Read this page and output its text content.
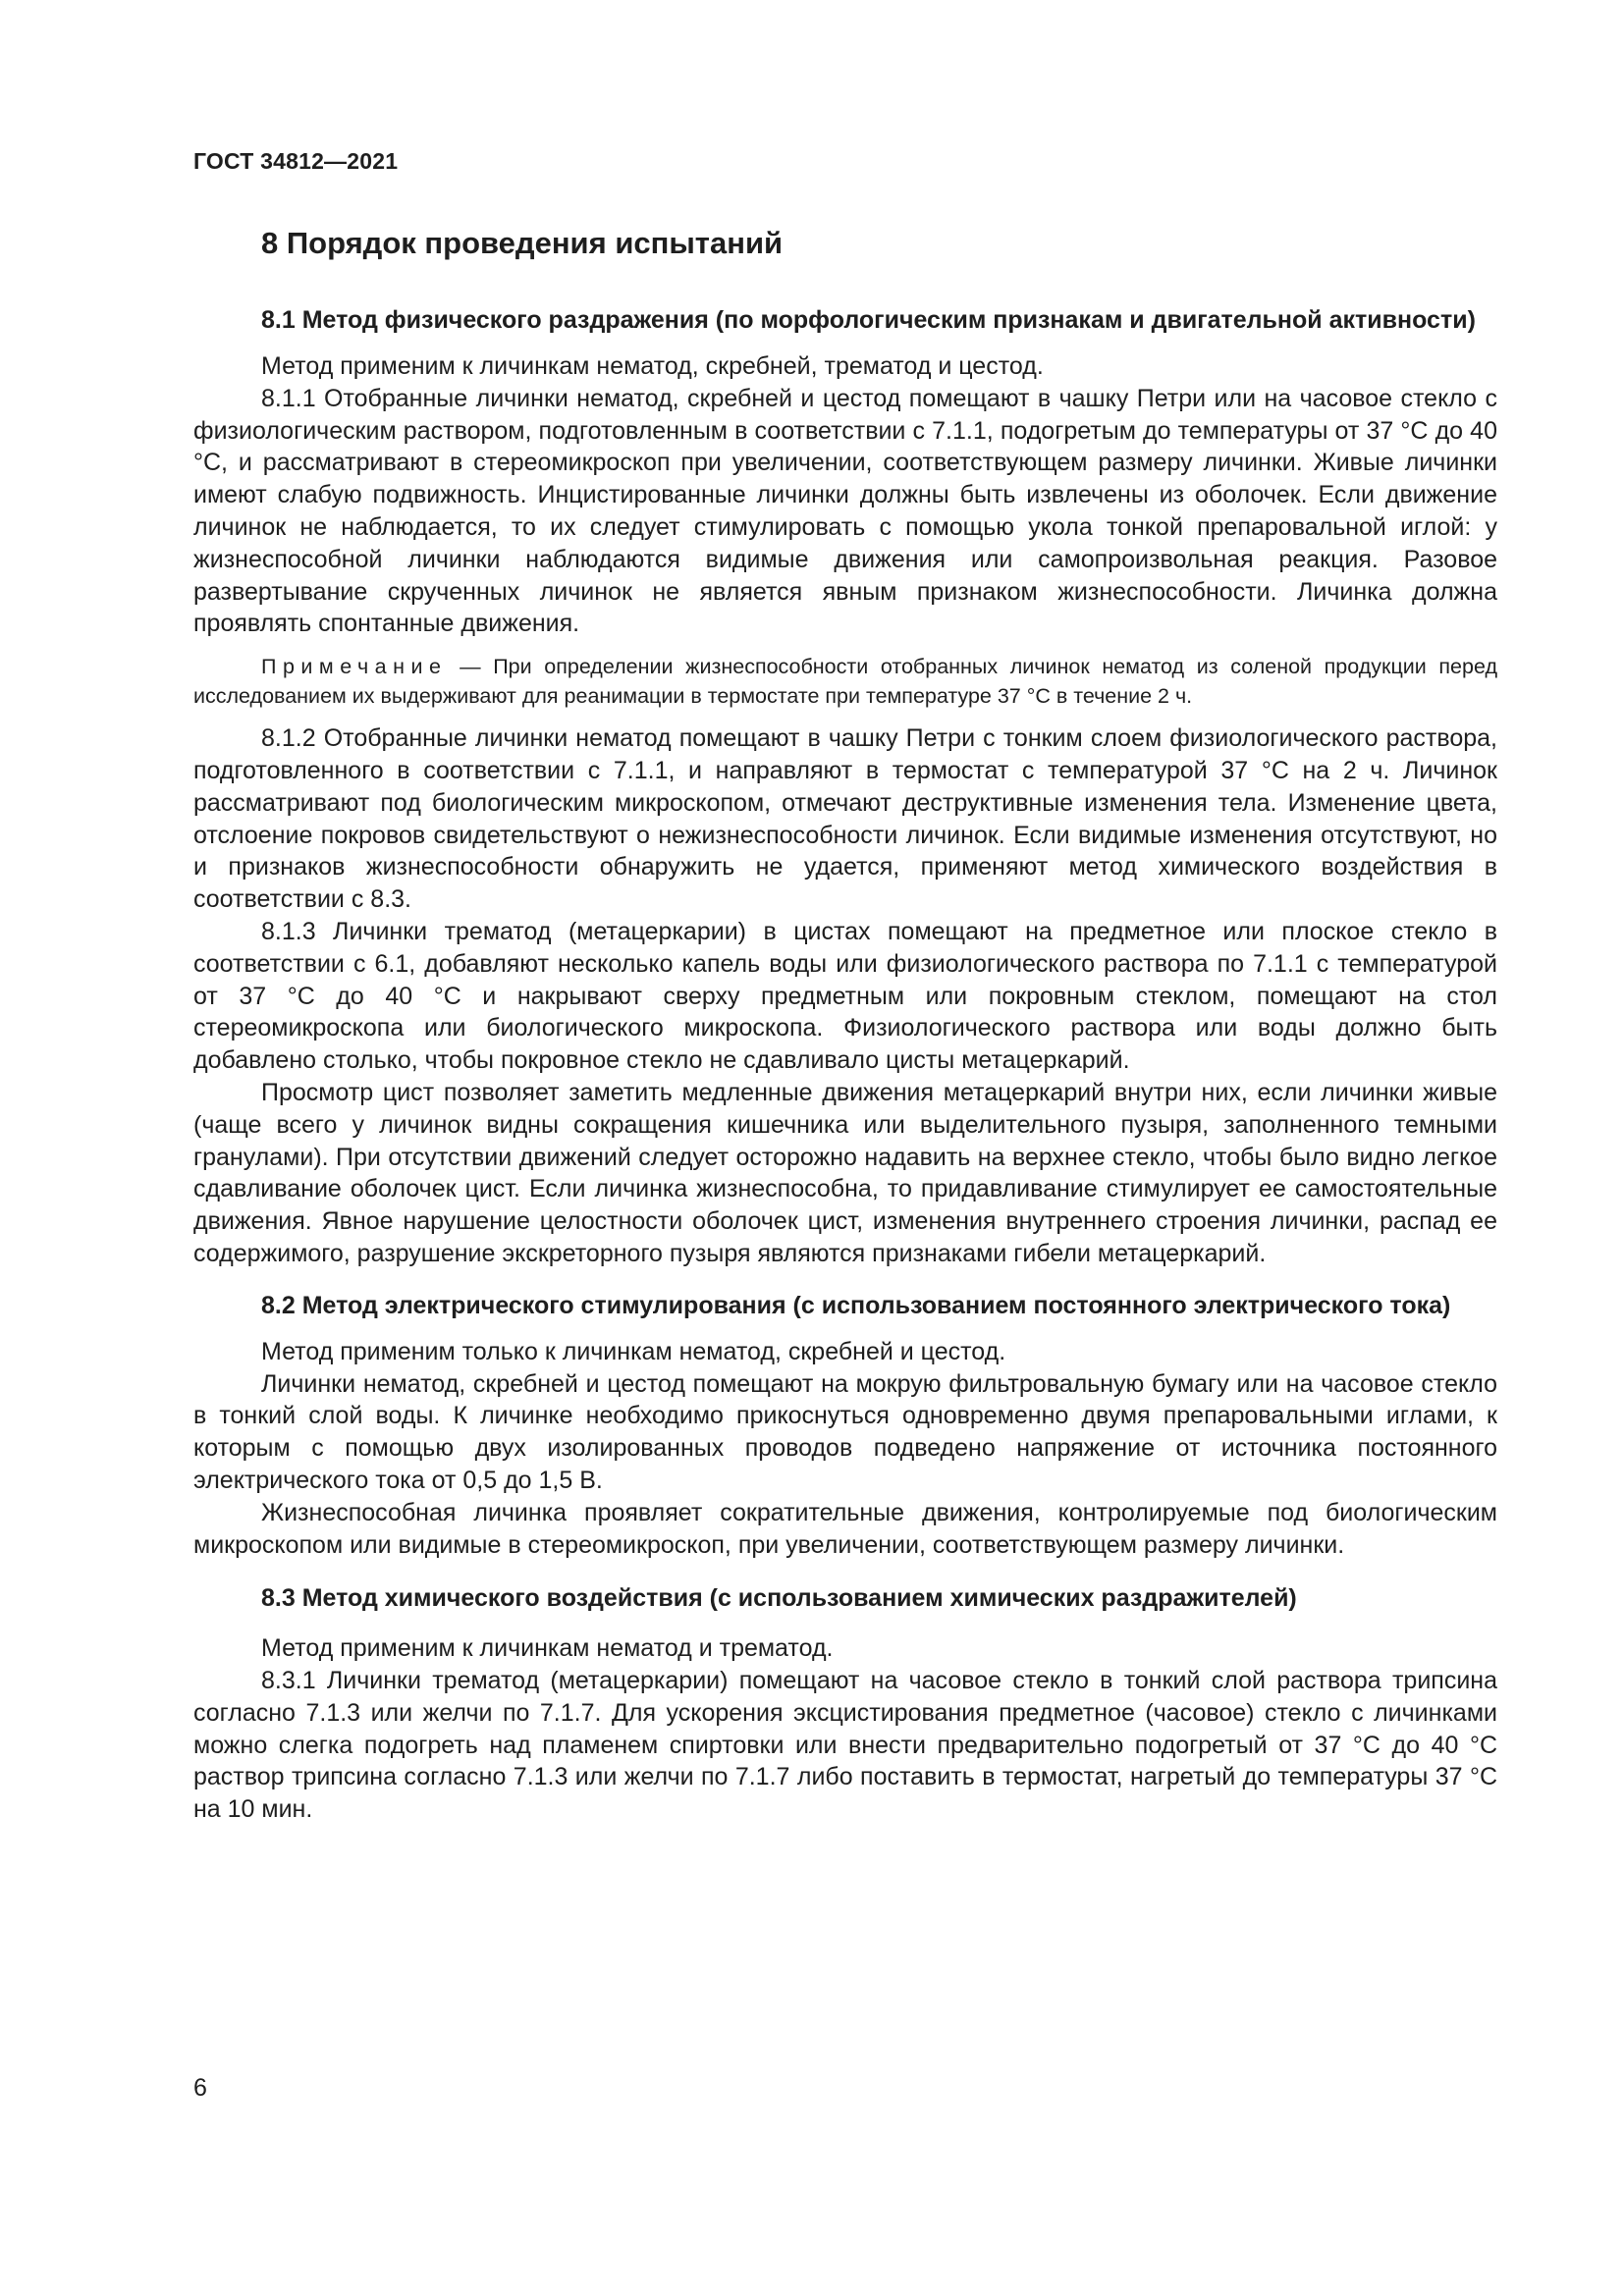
ГОСТ 34812—2021
8 Порядок проведения испытаний
8.1 Метод физического раздражения (по морфологическим признакам и двигательной активности)

Метод применим к личинкам нематод, скребней, трематод и цестод.

8.1.1 Отобранные личинки нематод, скребней и цестод помещают в чашку Петри или на часовое стекло с физиологическим раствором, подготовленным в соответствии с 7.1.1, подогретым до температуры от 37 °С до 40 °С, и рассматривают в стереомикроскоп при увеличении, соответствующем размеру личинки. Живые личинки имеют слабую подвижность. Инцистированные личинки должны быть извлечены из оболочек. Если движение личинок не наблюдается, то их следует стимулировать с помощью укола тонкой препаровальной иглой: у жизнеспособной личинки наблюдаются видимые движения или самопроизвольная реакция. Разовое развертывание скрученных личинок не является явным признаком жизнеспособности. Личинка должна проявлять спонтанные движения.

Примечание — При определении жизнеспособности отобранных личинок нематод из соленой продукции перед исследованием их выдерживают для реанимации в термостате при температуре 37 °С в течение 2 ч.

8.1.2 Отобранные личинки нематод помещают в чашку Петри с тонким слоем физиологического раствора, подготовленного в соответствии с 7.1.1, и направляют в термостат с температурой 37 °С на 2 ч. Личинок рассматривают под биологическим микроскопом, отмечают деструктивные изменения тела. Изменение цвета, отслоение покровов свидетельствуют о нежизнеспособности личинок. Если видимые изменения отсутствуют, но и признаков жизнеспособности обнаружить не удается, применяют метод химического воздействия в соответствии с 8.3.

8.1.3 Личинки трематод (метацеркарии) в цистах помещают на предметное или плоское стекло в соответствии с 6.1, добавляют несколько капель воды или физиологического раствора по 7.1.1 с температурой от 37 °С до 40 °С и накрывают сверху предметным или покровным стеклом, помещают на стол стереомикроскопа или биологического микроскопа. Физиологического раствора или воды должно быть добавлено столько, чтобы покровное стекло не сдавливало цисты метацеркарий.

Просмотр цист позволяет заметить медленные движения метацеркарий внутри них, если личинки живые (чаще всего у личинок видны сокращения кишечника или выделительного пузыря, заполненного темными гранулами). При отсутствии движений следует осторожно надавить на верхнее стекло, чтобы было видно легкое сдавливание оболочек цист. Если личинка жизнеспособна, то придавливание стимулирует ее самостоятельные движения. Явное нарушение целостности оболочек цист, изменения внутреннего строения личинки, распад ее содержимого, разрушение экскреторного пузыря являются признаками гибели метацеркарий.

8.2 Метод электрического стимулирования (с использованием постоянного электрического тока)

Метод применим только к личинкам нематод, скребней и цестод.

Личинки нематод, скребней и цестод помещают на мокрую фильтровальную бумагу или на часовое стекло в тонкий слой воды. К личинке необходимо прикоснуться одновременно двумя препаровальными иглами, к которым с помощью двух изолированных проводов подведено напряжение от источника постоянного электрического тока от 0,5 до 1,5 В.

Жизнеспособная личинка проявляет сократительные движения, контролируемые под биологическим микроскопом или видимые в стереомикроскоп, при увеличении, соответствующем размеру личинки.

8.3 Метод химического воздействия (с использованием химических раздражителей)

Метод применим к личинкам нематод и трематод.

8.3.1 Личинки трематод (метацеркарии) помещают на часовое стекло в тонкий слой раствора трипсина согласно 7.1.3 или желчи по 7.1.7. Для ускорения эксцистирования предметное (часовое) стекло с личинками можно слегка подогреть над пламенем спиртовки или внести предварительно подогретый от 37 °С до 40 °С раствор трипсина согласно 7.1.3 или желчи по 7.1.7 либо поставить в термостат, нагретый до температуры 37 °С на 10 мин.

6
